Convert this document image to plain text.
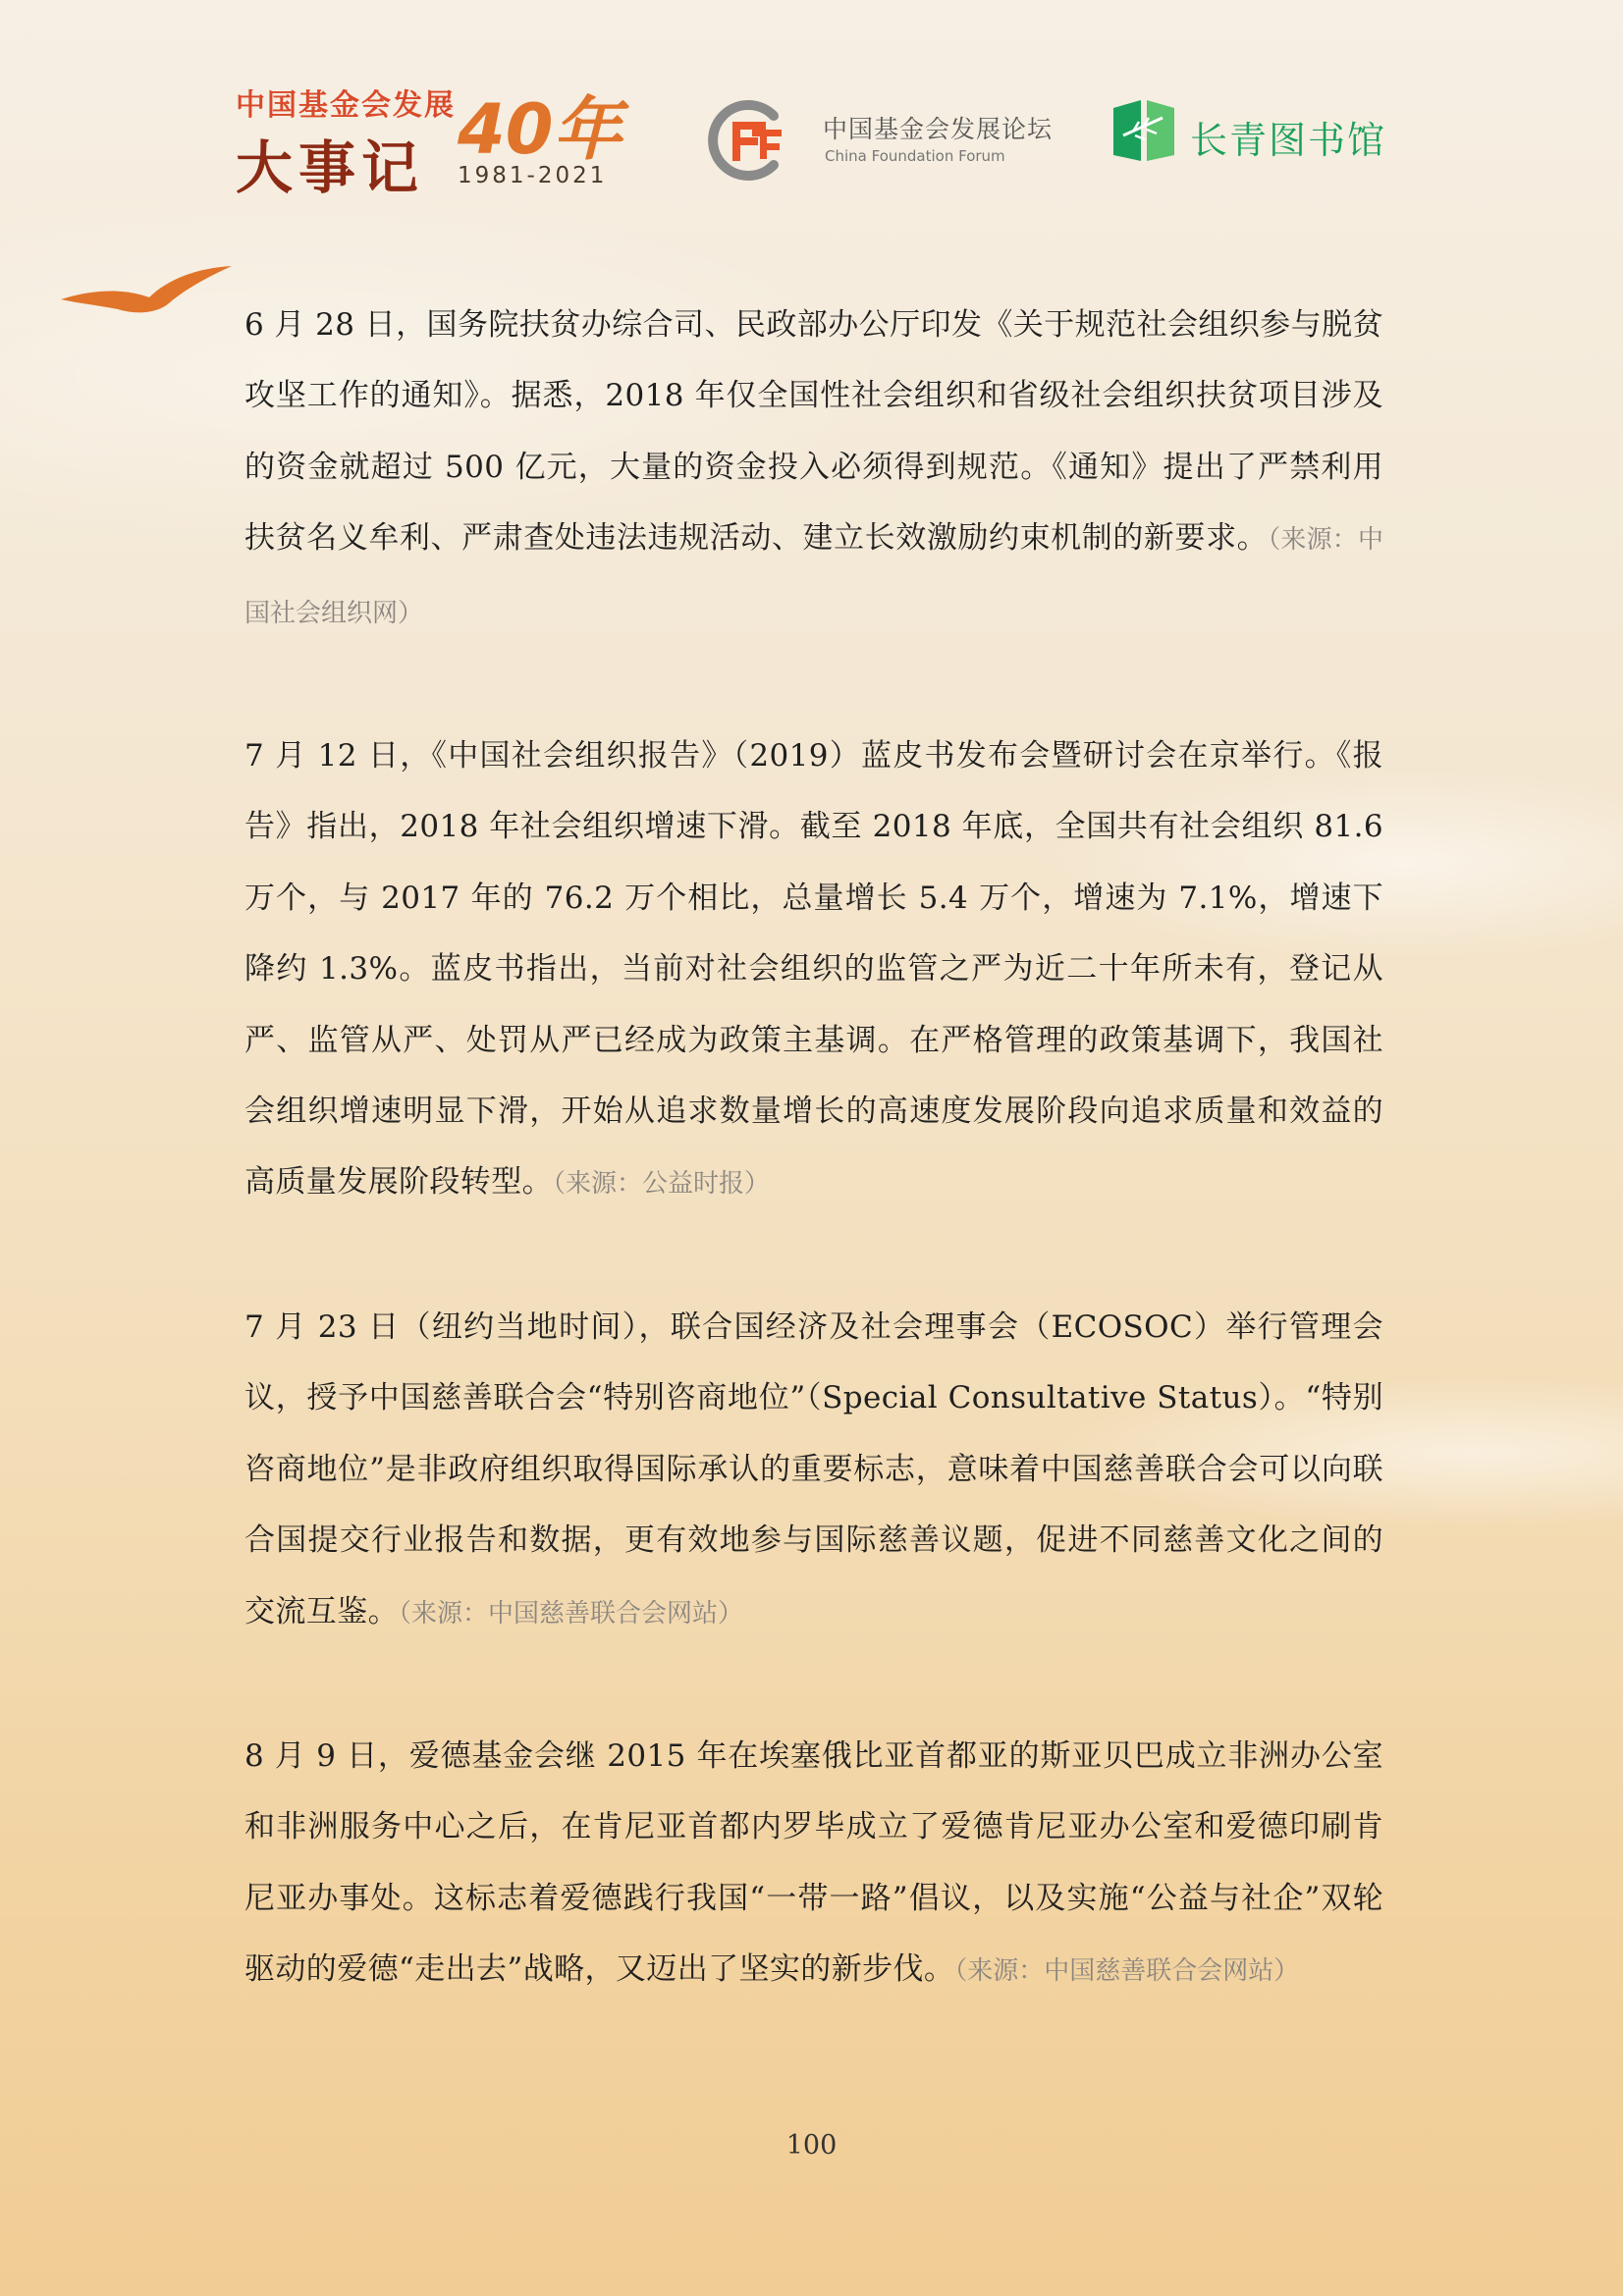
中国基金会发展
大事记 40年
1981-2021
中国基金会发展论坛
China Foundation Forum	长青图书馆

6 月 28 日，国务院扶贫办综合司、民政部办公厅印发《关于规范社会组织参与脱贫攻坚工作的通知》。据悉，2018 年仅全国性社会组织和省级社会组织扶贫项目涉及的资金就超过 500 亿元，大量的资金投入必须得到规范。《通知》提出了严禁利用扶贫名义牟利、严肃查处违法违规活动、建立长效激励约束机制的新要求。（来源：中国社会组织网）

7 月 12 日，《中国社会组织报告》（2019）蓝皮书发布会暨研讨会在京举行。《报告》指出，2018 年社会组织增速下滑。截至 2018 年底，全国共有社会组织 81.6 万个，与 2017 年的 76.2 万个相比，总量增长 5.4 万个，增速为 7.1%，增速下降约 1.3%。蓝皮书指出，当前对社会组织的监管之严为近二十年所未有，登记从严、监管从严、处罚从严已经成为政策主基调。在严格管理的政策基调下，我国社会组织增速明显下滑，开始从追求数量增长的高速度发展阶段向追求质量和效益的高质量发展阶段转型。（来源：公益时报）

7 月 23 日（纽约当地时间），联合国经济及社会理事会（ECOSOC）举行管理会议，授予中国慈善联合会“特别咨商地位”（Special Consultative Status）。“特别咨商地位”是非政府组织取得国际承认的重要标志，意味着中国慈善联合会可以向联合国提交行业报告和数据，更有效地参与国际慈善议题，促进不同慈善文化之间的交流互鉴。（来源：中国慈善联合会网站）

8 月 9 日，爱德基金会继 2015 年在埃塞俄比亚首都亚的斯亚贝巴成立非洲办公室和非洲服务中心之后，在肯尼亚首都内罗毕成立了爱德肯尼亚办公室和爱德印刷肯尼亚办事处。这标志着爱德践行我国“一带一路”倡议，以及实施“公益与社企”双轮驱动的爱德“走出去”战略，又迈出了坚实的新步伐。（来源：中国慈善联合会网站）

100
